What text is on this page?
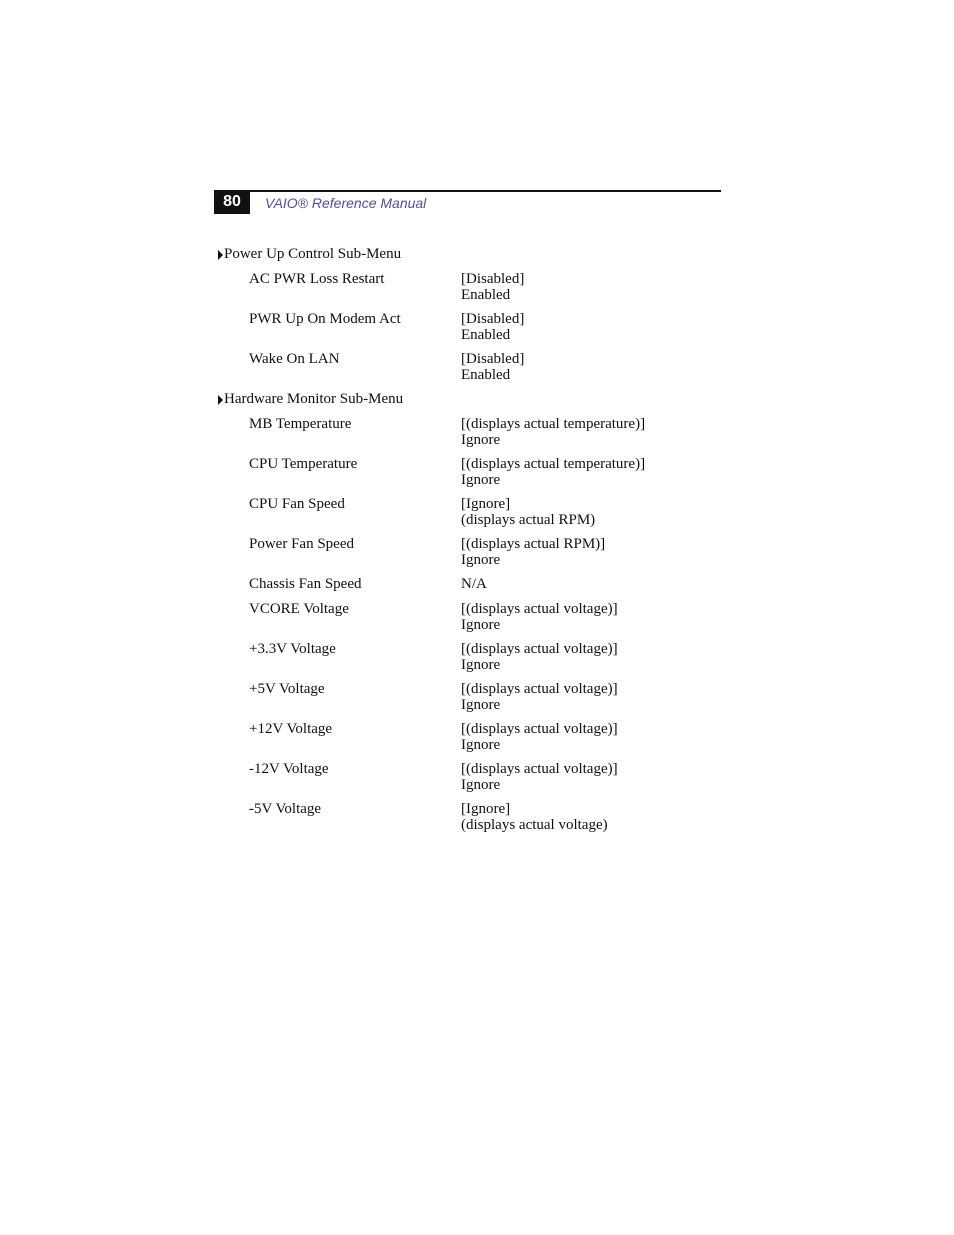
80	VAIO® Reference Manual
Power Up Control Sub-Menu
AC PWR Loss Restart	[Disabled]
Enabled
PWR Up On Modem Act	[Disabled]
Enabled
Wake On LAN	[Disabled]
Enabled
Hardware Monitor Sub-Menu
MB Temperature	[(displays actual temperature)]
Ignore
CPU Temperature	[(displays actual temperature)]
Ignore
CPU Fan Speed	[Ignore]
(displays actual RPM)
Power Fan Speed	[(displays actual RPM)]
Ignore
Chassis Fan Speed	N/A
VCORE Voltage	[(displays actual voltage)]
Ignore
+3.3V Voltage	[(displays actual voltage)]
Ignore
+5V Voltage	[(displays actual voltage)]
Ignore
+12V Voltage	[(displays actual voltage)]
Ignore
-12V Voltage	[(displays actual voltage)]
Ignore
-5V Voltage	[Ignore]
(displays actual voltage)
